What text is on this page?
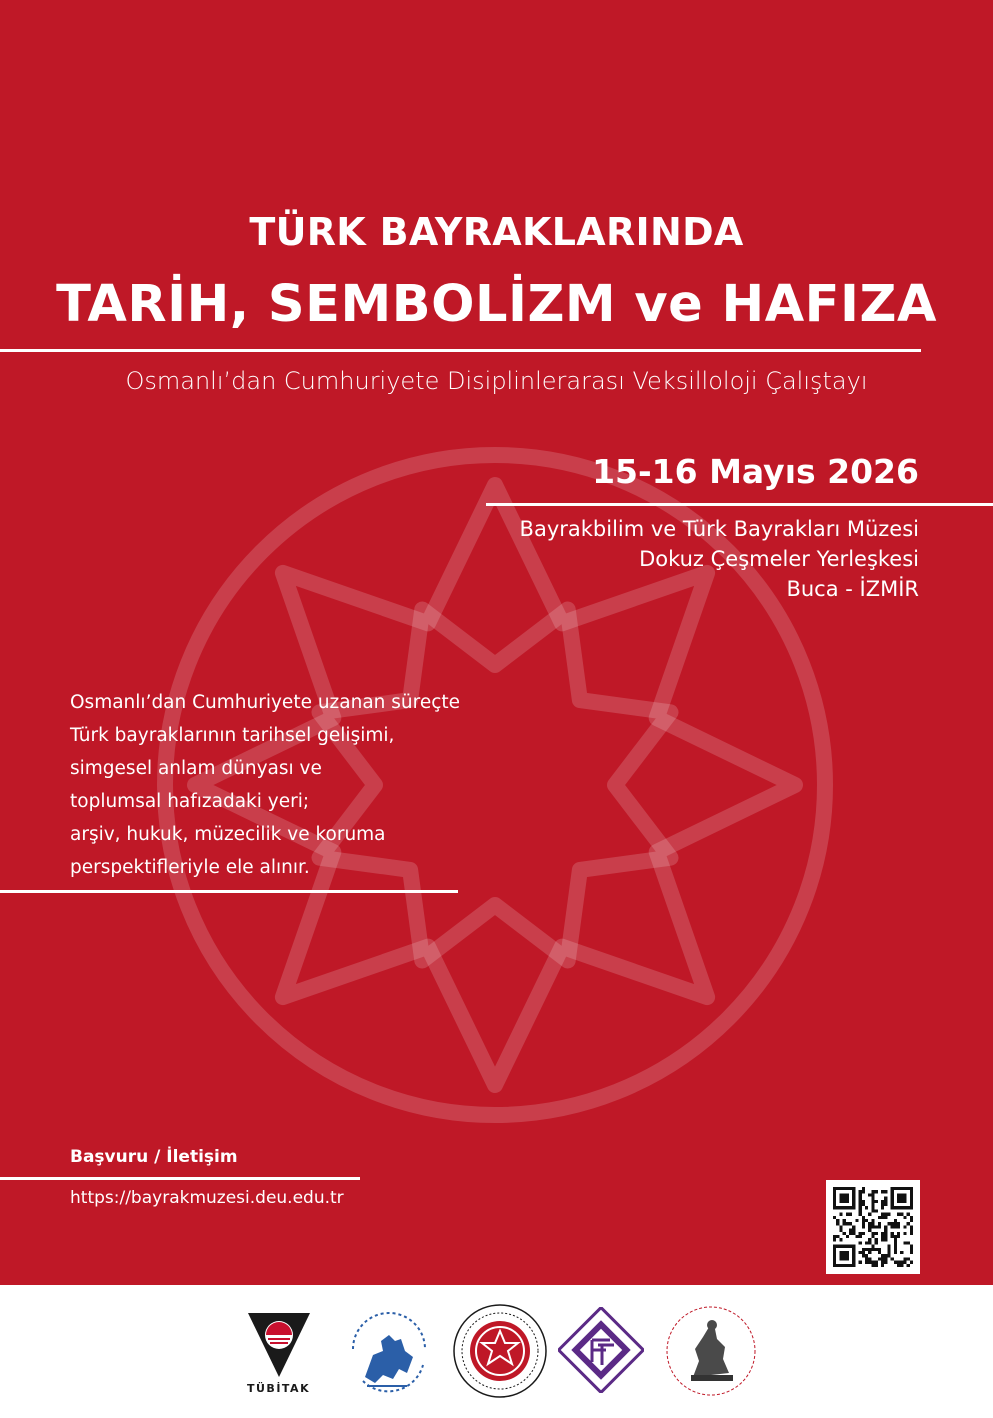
TÜRK BAYRAKLARINDA
TARİH, SEMBOLİZM ve HAFIZA
Osmanlı’dan Cumhuriyete Disiplinlerarası Veksilloloji Çalıştayı
15-16 Mayıs 2026
Bayrakbilim ve Türk Bayrakları Müzesi
Dokuz Çeşmeler Yerleşkesi
Buca - İZMİR
Osmanlı’dan Cumhuriyete uzanan süreçte
Türk bayraklarının tarihsel gelişimi,
simgesel anlam dünyası ve
toplumsal hafızadaki yeri;
arşiv, hukuk, müzecilik ve koruma
perspektifleriyle ele alınır.
Başvuru / İletişim
https://bayrakmuzesi.deu.edu.tr
TÜBİTAK
